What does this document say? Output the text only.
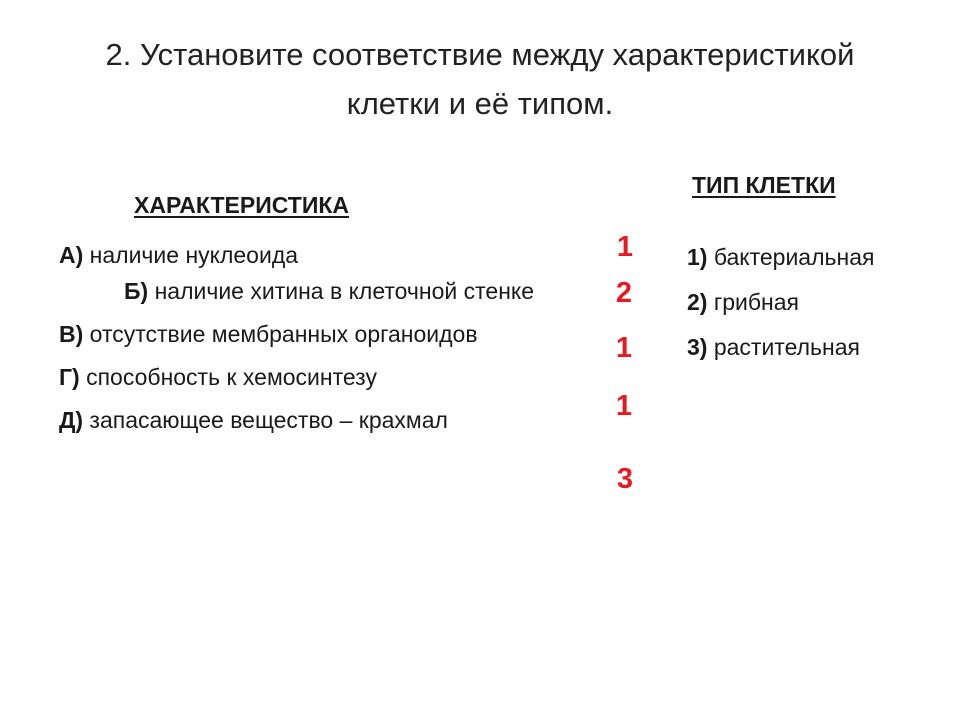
2. Установите соответствие между характеристикой
клетки и её типом.
ХАРАКТЕРИСТИКА
ТИП КЛЕТКИ
А) наличие нуклеоида
Б) наличие хитина в клеточной стенке
В) отсутствие мембранных органоидов
Г) способность к хемосинтезу
Д) запасающее вещество – крахмал
1) бактериальная
2) грибная
3) растительная
1
2
1
1
3
